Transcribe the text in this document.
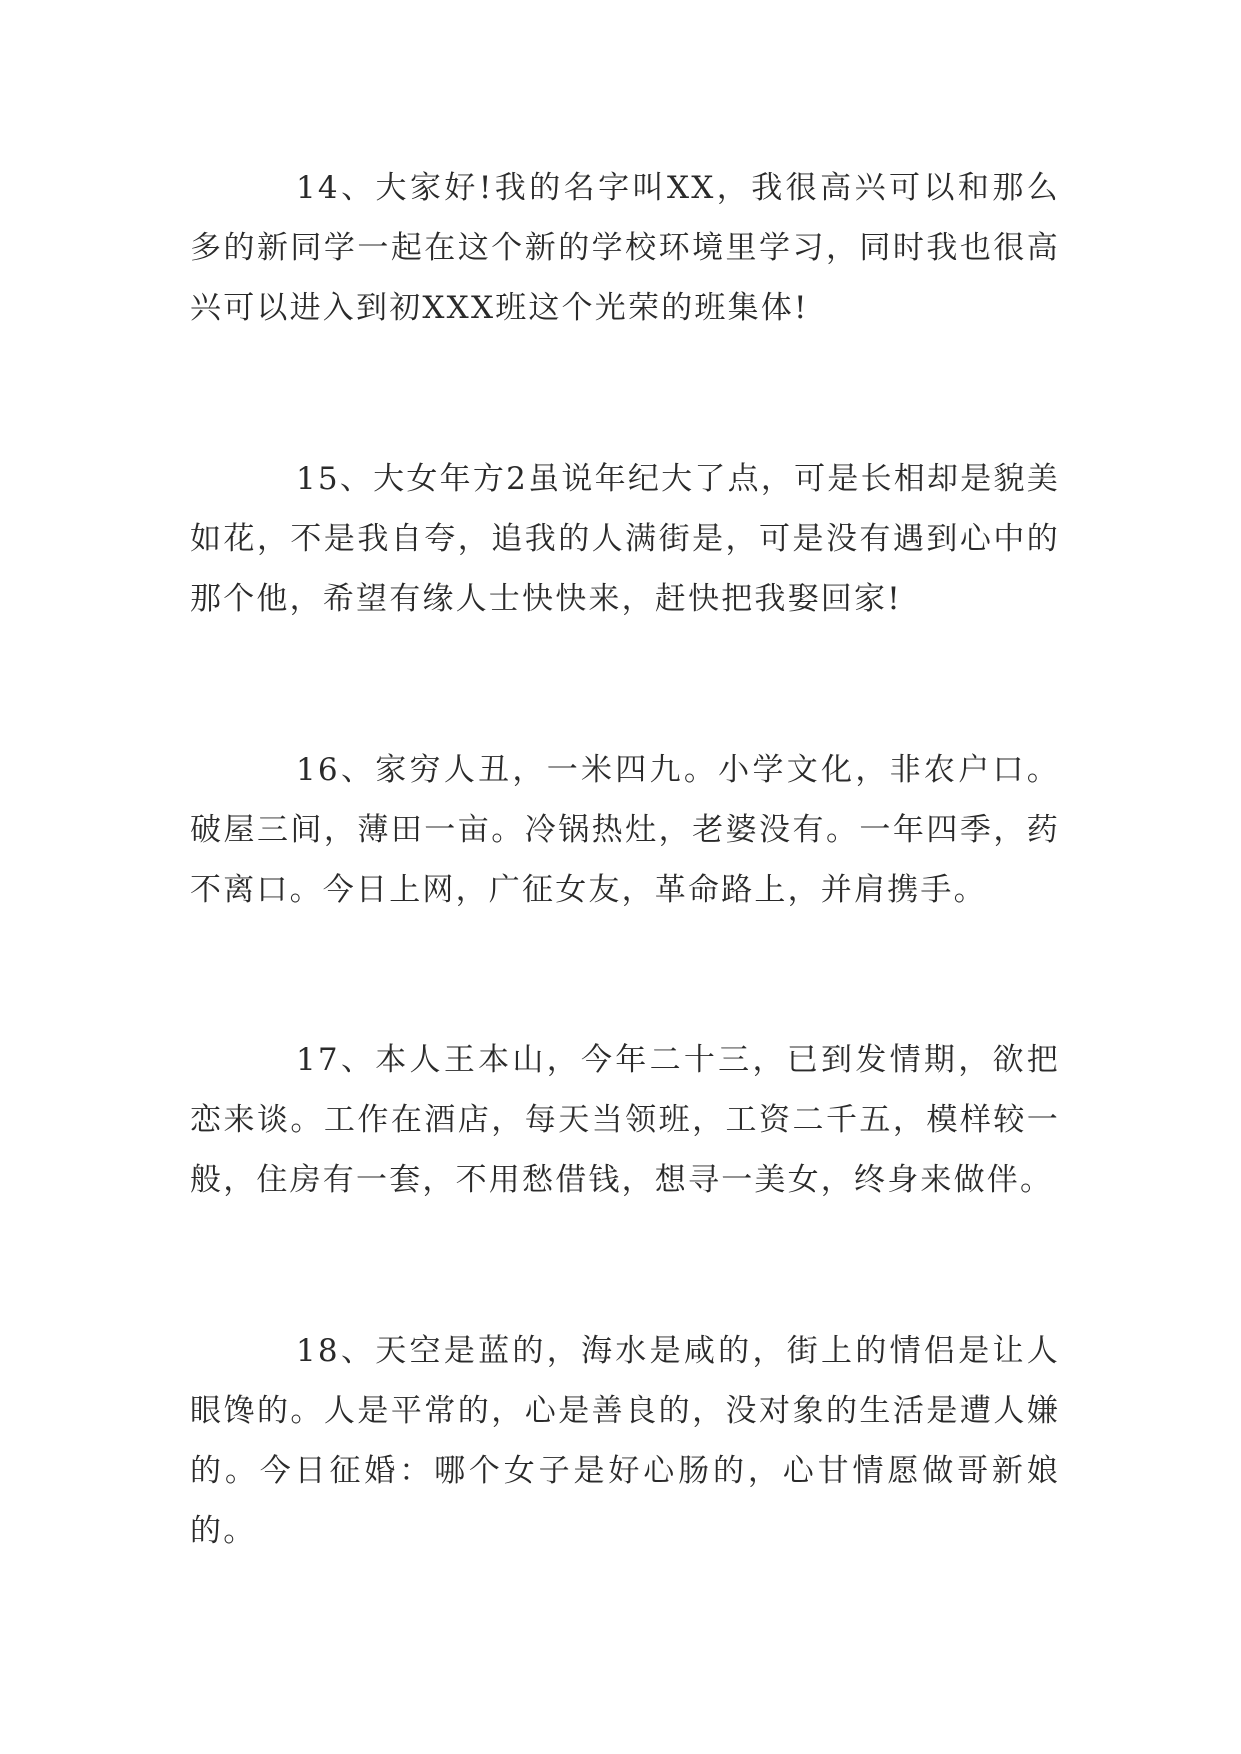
14、大家好!我的名字叫XX，我很高兴可以和那么多的新同学一起在这个新的学校环境里学习，同时我也很高兴可以进入到初XXX班这个光荣的班集体!

15、大女年方2虽说年纪大了点，可是长相却是貌美如花，不是我自夸，追我的人满街是，可是没有遇到心中的那个他，希望有缘人士快快来，赶快把我娶回家!

16、家穷人丑，一米四九。小学文化，非农户口。破屋三间，薄田一亩。冷锅热灶，老婆没有。一年四季，药不离口。今日上网，广征女友，革命路上，并肩携手。

17、本人王本山，今年二十三，已到发情期，欲把恋来谈。工作在酒店，每天当领班，工资二千五，模样较一般，住房有一套，不用愁借钱，想寻一美女，终身来做伴。

18、天空是蓝的，海水是咸的，街上的情侣是让人眼馋的。人是平常的，心是善良的，没对象的生活是遭人嫌的。今日征婚：哪个女子是好心肠的，心甘情愿做哥新娘的。
